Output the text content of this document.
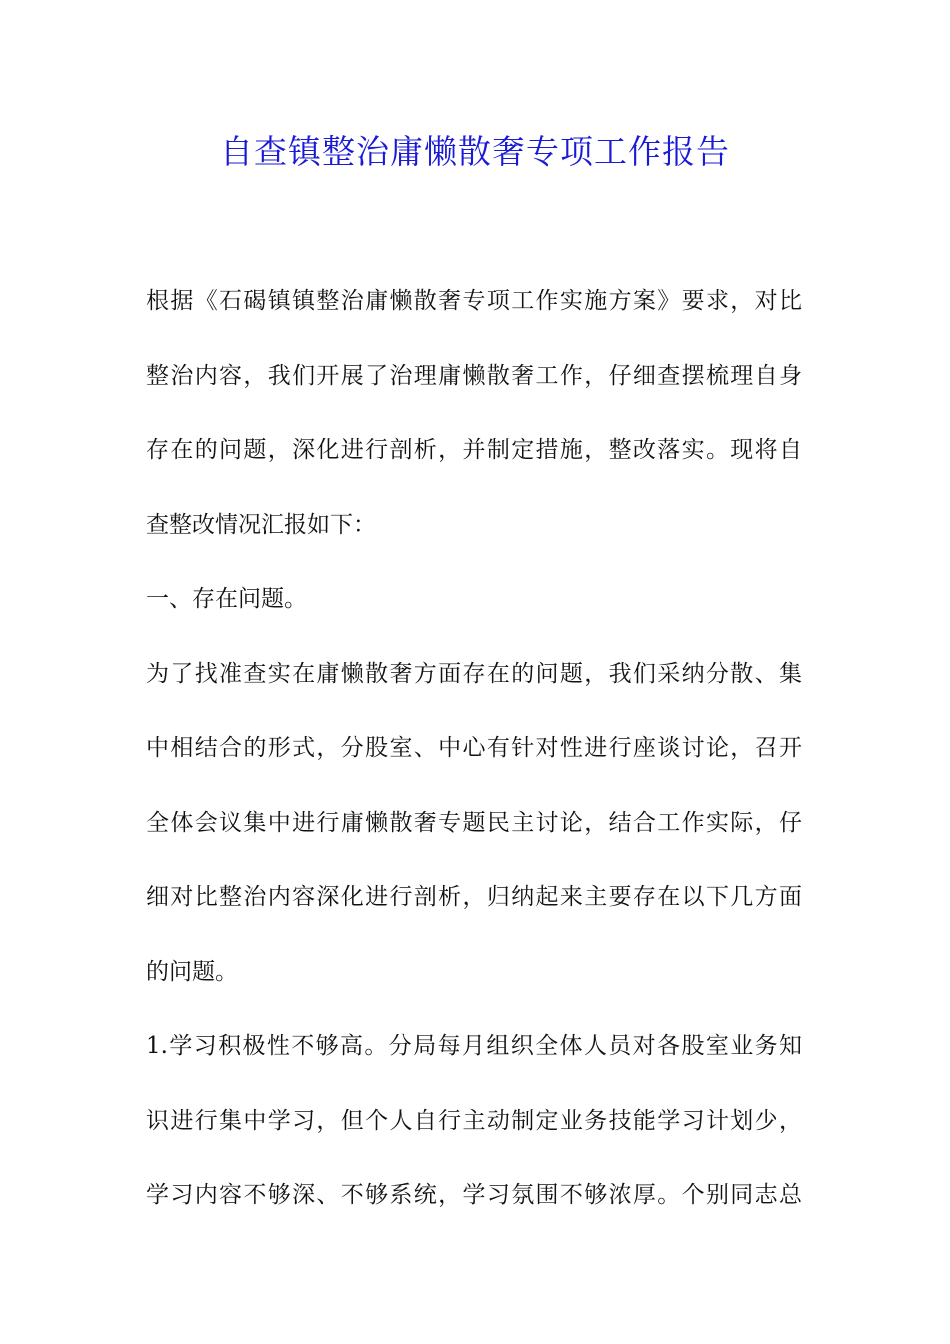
自查镇整治庸懒散奢专项工作报告
根据《石碣镇镇整治庸懒散奢专项工作实施方案》要求，对比
整治内容，我们开展了治理庸懒散奢工作，仔细查摆梳理自身
存在的问题，深化进行剖析，并制定措施，整改落实。现将自
查整改情况汇报如下：
一、存在问题。
为了找准查实在庸懒散奢方面存在的问题，我们采纳分散、集
中相结合的形式，分股室、中心有针对性进行座谈讨论，召开
全体会议集中进行庸懒散奢专题民主讨论，结合工作实际，仔
细对比整治内容深化进行剖析，归纳起来主要存在以下几方面
的问题。
1.学习积极性不够高。分局每月组织全体人员对各股室业务知
识进行集中学习，但个人自行主动制定业务技能学习计划少，
学习内容不够深、不够系统，学习氛围不够浓厚。个别同志总
